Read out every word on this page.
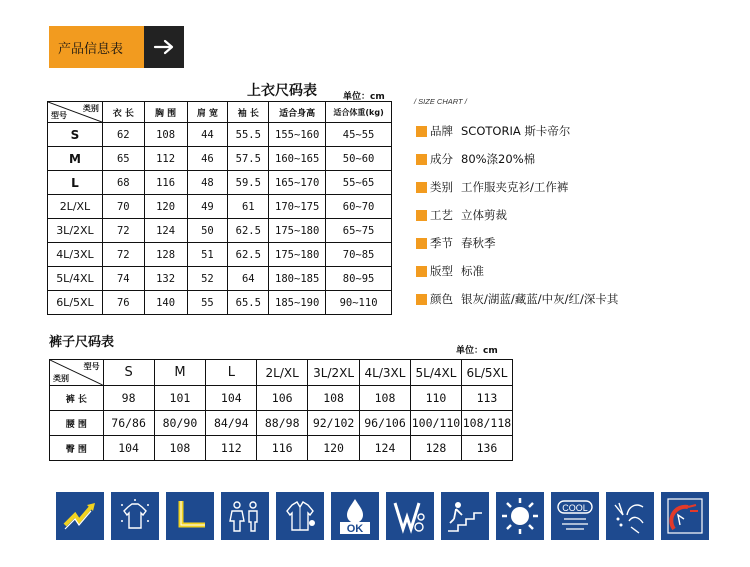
产品信息表
上衣尺码表	单位：cm
类别
型号	衣 长	胸 围	肩 宽	袖 长	适合身高	适合体重(kg)
S	62	108	44	55.5	155~160	45~55
M	65	112	46	57.5	160~165	50~60
L	68	116	48	59.5	165~170	55~65
2L/XL	70	120	49	61	170~175	60~70
3L/2XL	72	124	50	62.5	175~180	65~75
4L/3XL	72	128	51	62.5	175~180	70~85
5L/4XL	74	132	52	64	180~185	80~95
6L/5XL	76	140	55	65.5	185~190	90~110
/ SIZE CHART /
品牌 SCOTORIA 斯卡帝尔
成分 80%涤20%棉
类别 工作服夹克衫/工作裤
工艺 立体剪裁
季节 春秋季
版型 标准
颜色 银灰/湖蓝/藏蓝/中灰/红/深卡其
裤子尺码表
单位：cm
型号
类别	S	M	L	2L/XL	3L/2XL	4L/3XL	5L/4XL	6L/5XL
裤 长	98	101	104	106	108	108	110	113
腰 围	76/86	80/90	84/94	88/98	92/102	96/106	100/110	108/118
臀 围	104	108	112	116	120	124	128	136
OK
COOL
